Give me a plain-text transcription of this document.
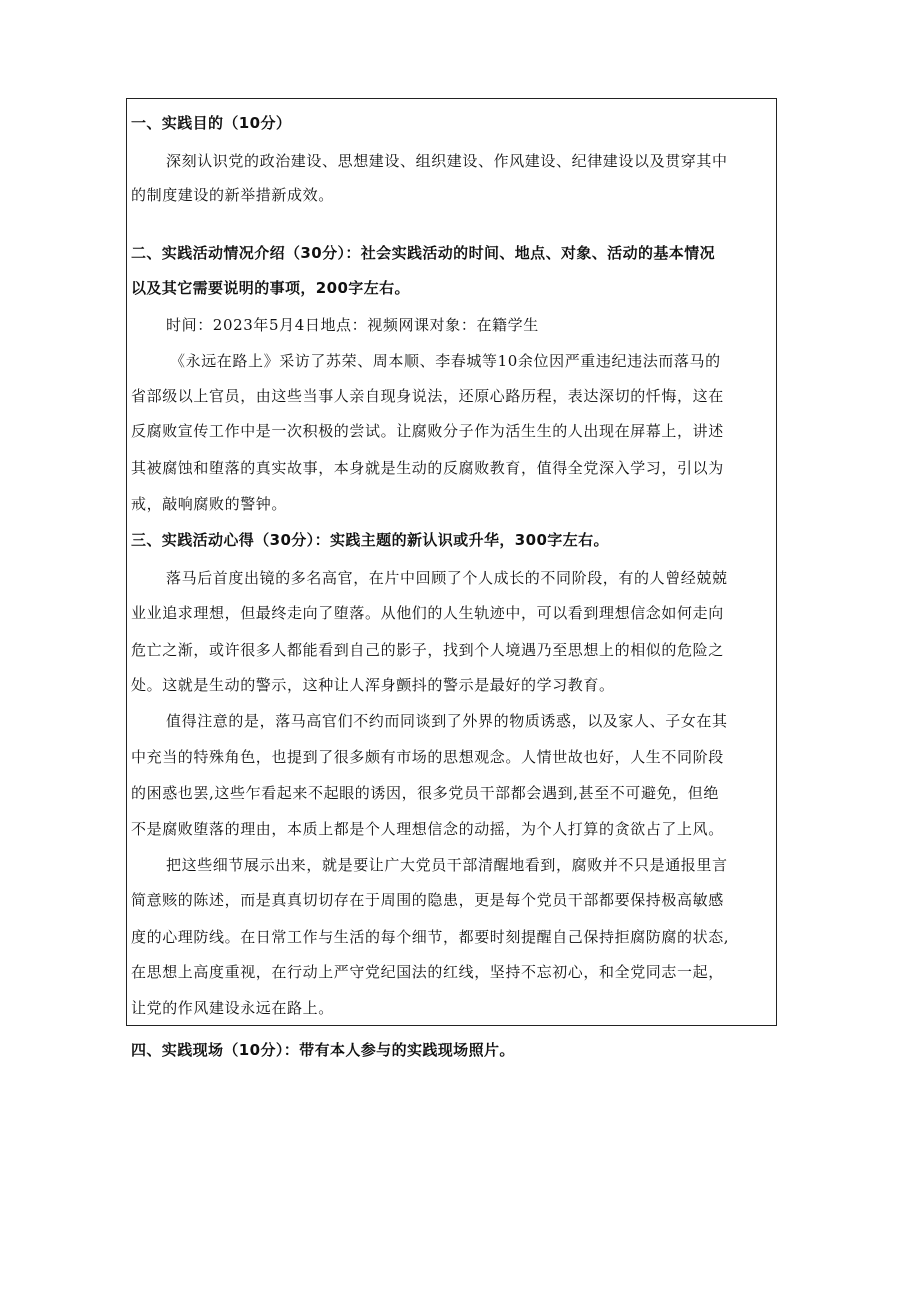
一、实践目的（10分）
深刻认识党的政治建设、思想建设、组织建设、作风建设、纪律建设以及贯穿其中
的制度建设的新举措新成效。
二、实践活动情况介绍（30分）：社会实践活动的时间、地点、对象、活动的基本情况
以及其它需要说明的事项，200字左右。
时间：2023年5月4日地点：视频网课对象：在籍学生
《永远在路上》采访了苏荣、周本顺、李春城等10余位因严重违纪违法而落马的
省部级以上官员，由这些当事人亲自现身说法，还原心路历程，表达深切的忏悔，这在
反腐败宣传工作中是一次积极的尝试。让腐败分子作为活生生的人出现在屏幕上，讲述
其被腐蚀和堕落的真实故事，本身就是生动的反腐败教育，值得全党深入学习，引以为
戒，敲响腐败的警钟。
三、实践活动心得（30分）：实践主题的新认识或升华，300字左右。
落马后首度出镜的多名高官，在片中回顾了个人成长的不同阶段，有的人曾经兢兢
业业追求理想，但最终走向了堕落。从他们的人生轨迹中，可以看到理想信念如何走向
危亡之渐，或许很多人都能看到自己的影子，找到个人境遇乃至思想上的相似的危险之
处。这就是生动的警示，这种让人浑身颤抖的警示是最好的学习教育。
值得注意的是，落马高官们不约而同谈到了外界的物质诱惑，以及家人、子女在其
中充当的特殊角色，也提到了很多颇有市场的思想观念。人情世故也好，人生不同阶段
的困惑也罢,这些乍看起来不起眼的诱因，很多党员干部都会遇到,甚至不可避免，但绝
不是腐败堕落的理由，本质上都是个人理想信念的动摇，为个人打算的贪欲占了上风。
把这些细节展示出来，就是要让广大党员干部清醒地看到，腐败并不只是通报里言
简意赅的陈述，而是真真切切存在于周围的隐患，更是每个党员干部都要保持极高敏感
度的心理防线。在日常工作与生活的每个细节，都要时刻提醒自己保持拒腐防腐的状态,
在思想上高度重视，在行动上严守党纪国法的红线，坚持不忘初心，和全党同志一起，
让党的作风建设永远在路上。
四、实践现场（10分）：带有本人参与的实践现场照片。
